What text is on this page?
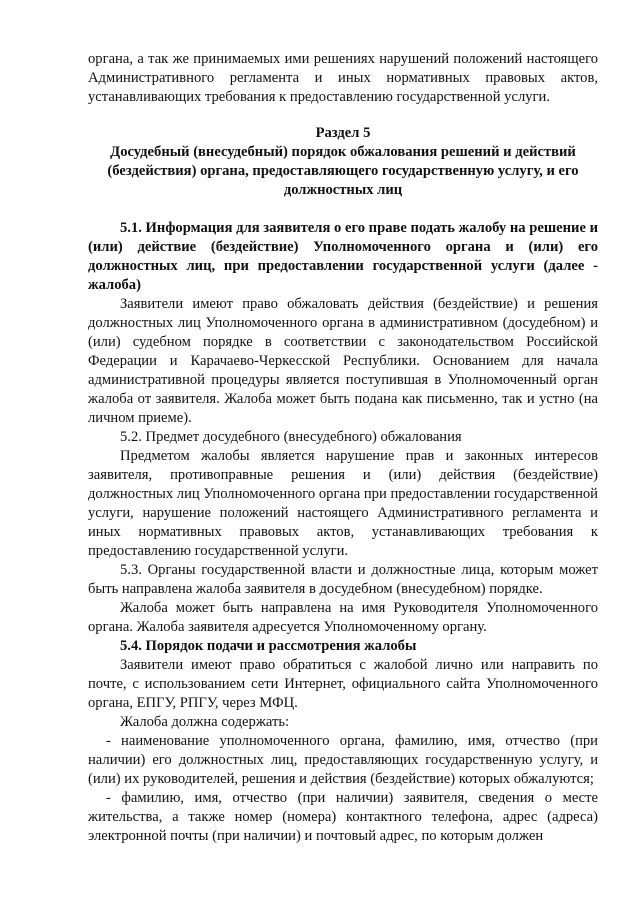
органа, а так же принимаемых ими решениях нарушений положений настоящего Административного регламента и иных нормативных правовых актов, устанавливающих требования к предоставлению государственной услуги.

Раздел 5

Досудебный (внесудебный) порядок обжалования решений и действий (бездействия) органа, предоставляющего государственную услугу, и его должностных лиц

5.1. Информация для заявителя о его праве подать жалобу на решение и (или) действие (бездействие) Уполномоченного органа и (или) его должностных лиц, при предоставлении государственной услуги (далее - жалоба)

Заявители имеют право обжаловать действия (бездействие) и решения должностных лиц Уполномоченного органа в административном (досудебном) и (или) судебном порядке в соответствии с законодательством Российской Федерации и Карачаево-Черкесской Республики. Основанием для начала административной процедуры является поступившая в Уполномоченный орган жалоба от заявителя. Жалоба может быть подана как письменно, так и устно (на личном приеме).

5.2. Предмет досудебного (внесудебного) обжалования

Предметом жалобы является нарушение прав и законных интересов заявителя, противоправные решения и (или) действия (бездействие) должностных лиц Уполномоченного органа при предоставлении государственной услуги, нарушение положений настоящего Административного регламента и иных нормативных правовых актов, устанавливающих требования к предоставлению государственной услуги.

5.3. Органы государственной власти и должностные лица, которым может быть направлена жалоба заявителя в досудебном (внесудебном) порядке.

Жалоба может быть направлена на имя Руководителя Уполномоченного органа. Жалоба заявителя адресуется Уполномоченному органу.

5.4. Порядок подачи и рассмотрения жалобы

Заявители имеют право обратиться с жалобой лично или направить по почте, с использованием сети Интернет, официального сайта Уполномоченного органа, ЕПГУ, РПГУ, через МФЦ.

Жалоба должна содержать:

- наименование уполномоченного органа, фамилию, имя, отчество (при наличии) его должностных лиц, предоставляющих государственную услугу, и (или) их руководителей, решения и действия (бездействие) которых обжалуются;

- фамилию, имя, отчество (при наличии) заявителя, сведения о месте жительства, а также номер (номера) контактного телефона, адрес (адреса) электронной почты (при наличии) и почтовый адрес, по которым должен
